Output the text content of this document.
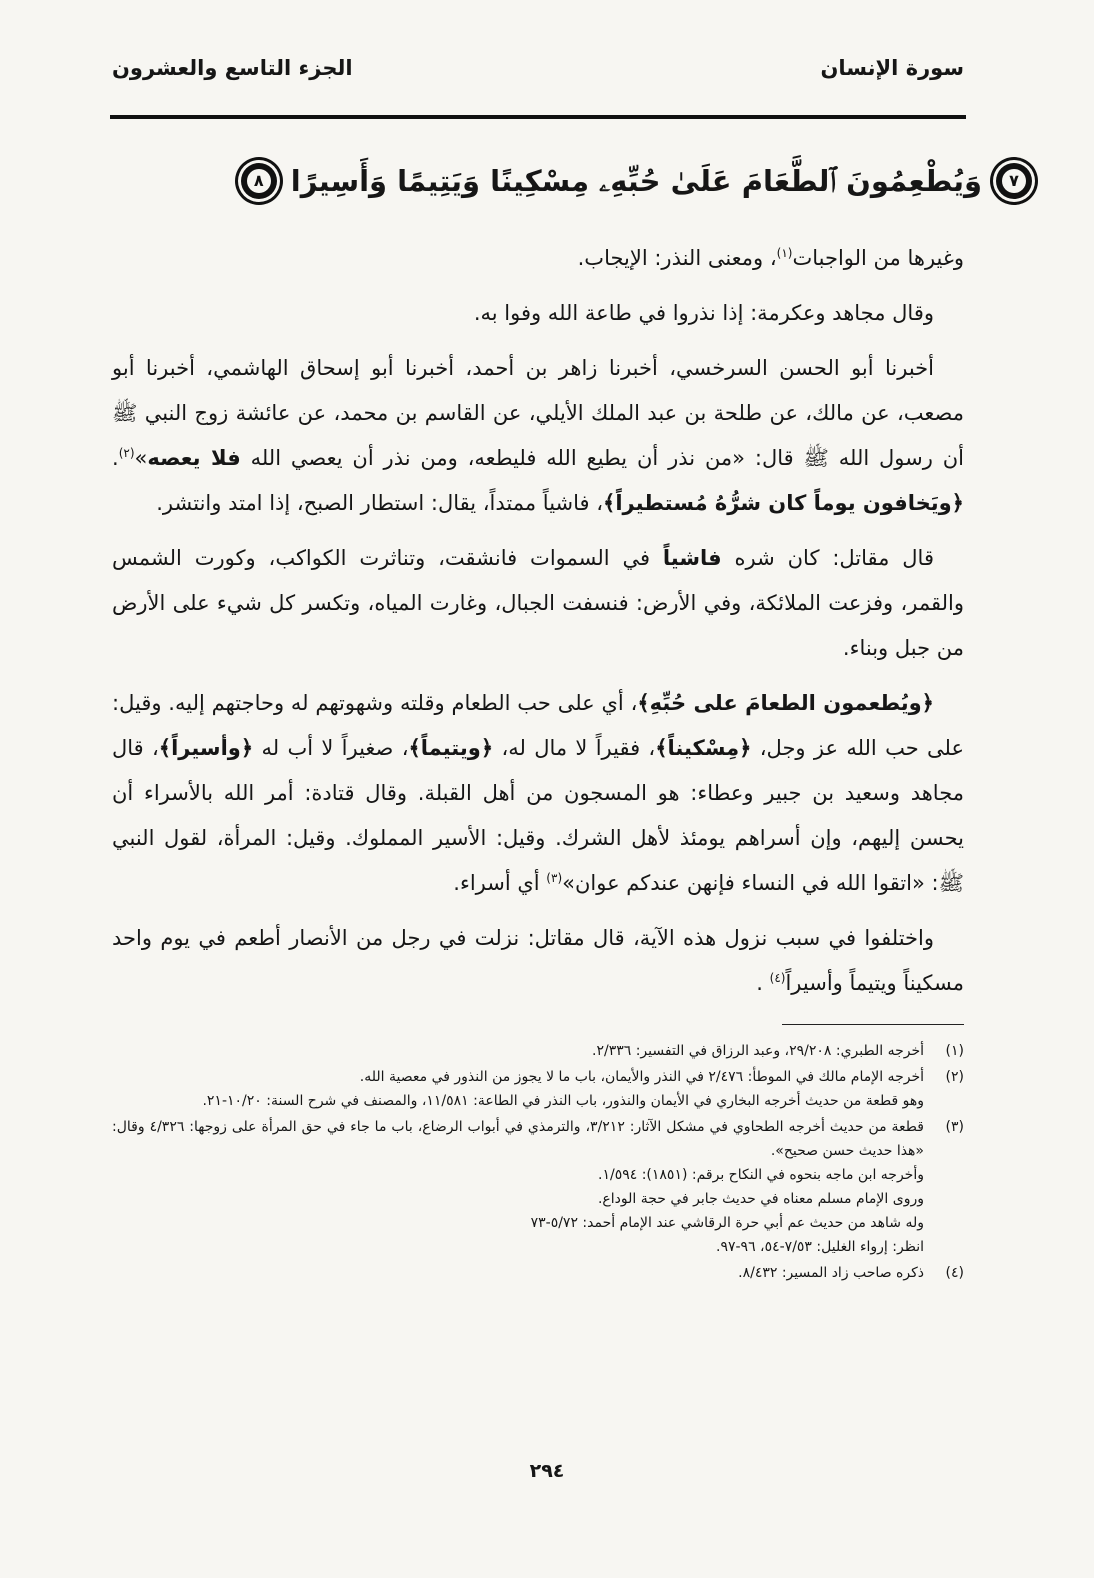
سورة الإنسان
الجزء التاسع والعشرون
٧
وَيُطْعِمُونَ ٱلطَّعَامَ عَلَىٰ حُبِّهِۦ مِسْكِينًا وَيَتِيمًا وَأَسِيرًا
٨

وغيرها من الواجبات$^{(١)}$، ومعنى النذر: الإيجاب.

وقال مجاهد وعكرمة: إذا نذروا في طاعة الله وفوا به.

أخبرنا أبو الحسن السرخسي، أخبرنا زاهر بن أحمد، أخبرنا أبو إسحاق الهاشمي، أخبرنا أبو مصعب، عن مالك، عن طلحة بن عبد الملك الأيلي، عن القاسم بن محمد، عن عائشة زوج النبي ﷺ أن رسول الله ﷺ قال: «من نذر أن يطيع الله فليطعه، ومن نذر أن يعصي الله فلا يعصه»$^{(٢)}$. ﴿ويَخافون يوماً كان شرُّهُ مُستطيراً﴾، فاشياً ممتداً، يقال: استطار الصبح، إذا امتد وانتشر.

قال مقاتل: كان شره فاشياً في السموات فانشقت، وتناثرت الكواكب، وكورت الشمس والقمر، وفزعت الملائكة، وفي الأرض: فنسفت الجبال، وغارت المياه، وتكسر كل شيء على الأرض من جبل وبناء.

﴿ويُطعمون الطعامَ على حُبِّهِ﴾، أي على حب الطعام وقلته وشهوتهم له وحاجتهم إليه. وقيل: على حب الله عز وجل، ﴿مِسْكيناً﴾، فقيراً لا مال له، ﴿ويتيماً﴾، صغيراً لا أب له ﴿وأسيراً﴾، قال مجاهد وسعيد بن جبير وعطاء: هو المسجون من أهل القبلة. وقال قتادة: أمر الله بالأسراء أن يحسن إليهم، وإن أسراهم يومئذ لأهل الشرك. وقيل: الأسير المملوك. وقيل: المرأة، لقول النبي ﷺ: «اتقوا الله في النساء فإنهن عندكم عوان»$^{(٣)}$ أي أسراء.

واختلفوا في سبب نزول هذه الآية، قال مقاتل: نزلت في رجل من الأنصار أطعم في يوم واحد مسكيناً ويتيماً وأسيراً$^{(٤)}$ .

(١)
أخرجه الطبري: ٢٩/٢٠٨، وعبد الرزاق في التفسير: ٢/٣٣٦.
(٢)
أخرجه الإمام مالك في الموطأ: ٢/٤٧٦ في النذر والأيمان، باب ما لا يجوز من النذور في معصية الله.
وهو قطعة من حديث أخرجه البخاري في الأيمان والنذور، باب النذر في الطاعة: ١١/٥٨١، والمصنف في شرح السنة: ١٠/٢٠-٢١.
(٣)
قطعة من حديث أخرجه الطحاوي في مشكل الآثار: ٣/٢١٢، والترمذي في أبواب الرضاع، باب ما جاء في حق المرأة على زوجها: ٤/٣٢٦ وقال: «هذا حديث حسن صحيح».
وأخرجه ابن ماجه بنحوه في النكاح برقم: (١٨٥١): ١/٥٩٤.
وروى الإمام مسلم معناه في حديث جابر في حجة الوداع.
وله شاهد من حديث عم أبي حرة الرقاشي عند الإمام أحمد: ٥/٧٢-٧٣
انظر: إرواء الغليل: ٧/٥٣-٥٤، ٩٦-٩٧.
(٤)
ذكره صاحب زاد المسير: ٨/٤٣٢.
٢٩٤
